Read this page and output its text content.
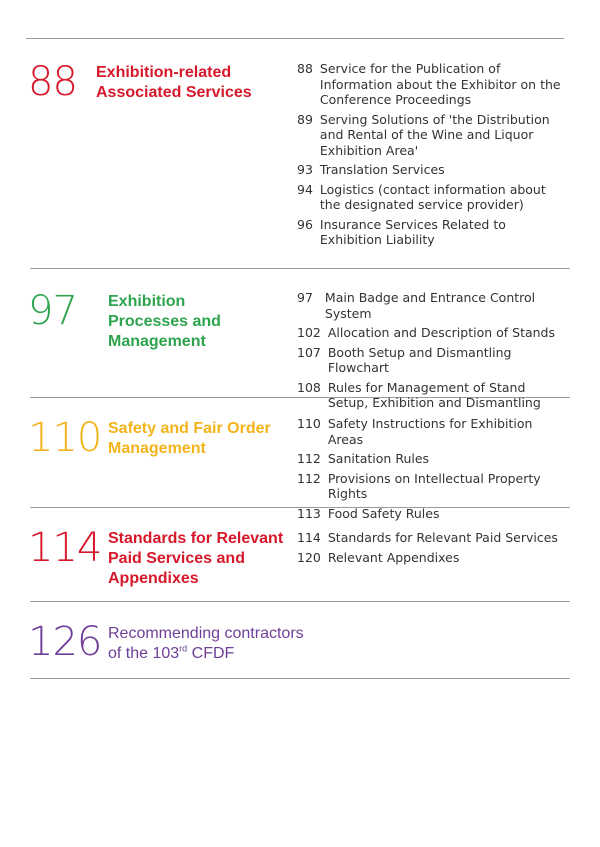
88 Exhibition-related
Associated Services
88 Service for the Publication of Information about the Exhibitor on the Conference Proceedings
89 Serving Solutions of 'the Distribution and Rental of the Wine and Liquor Exhibition Area'
93 Translation Services
94 Logistics (contact information about the designated service provider)
96 Insurance Services Related to Exhibition Liability
97 Exhibition
Processes and
Management
97 Main Badge and Entrance Control System
102 Allocation and Description of Stands
107 Booth Setup and Dismantling Flowchart
108 Rules for Management of Stand Setup, Exhibition and Dismantling
110 Safety and Fair Order
Management
110 Safety Instructions for Exhibition Areas
112 Sanitation Rules
112 Provisions on Intellectual Property Rights
113 Food Safety Rules
114 Standards for Relevant
Paid Services and
Appendixes
114 Standards for Relevant Paid Services
120 Relevant Appendixes
126 Recommending contractors
of the 103rd CFDF
